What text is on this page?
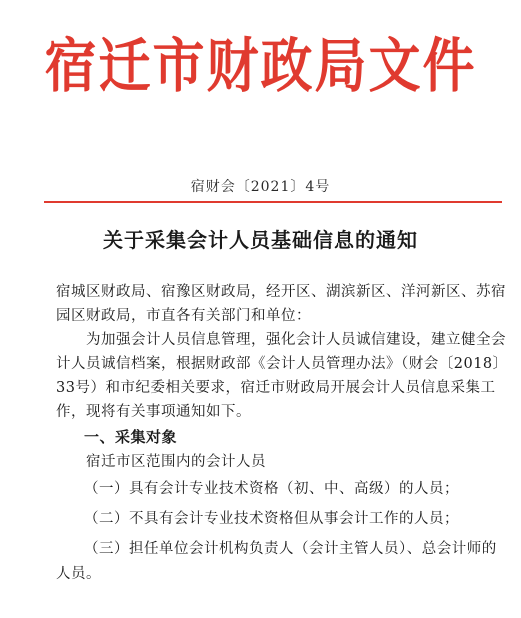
宿迁市财政局文件
宿财会〔2021〕4号
关于采集会计人员基础信息的通知

宿城区财政局、宿豫区财政局，经开区、湖滨新区、洋河新区、苏宿园区财政局，市直各有关部门和单位：

为加强会计人员信息管理，强化会计人员诚信建设，建立健全会计人员诚信档案，根据财政部《会计人员管理办法》（财会〔2018〕33号）和市纪委相关要求，宿迁市财政局开展会计人员信息采集工作，现将有关事项通知如下。

一、采集对象

宿迁市区范围内的会计人员

（一）具有会计专业技术资格（初、中、高级）的人员；

（二）不具有会计专业技术资格但从事会计工作的人员；

（三）担任单位会计机构负责人（会计主管人员）、总会计师的人员。
